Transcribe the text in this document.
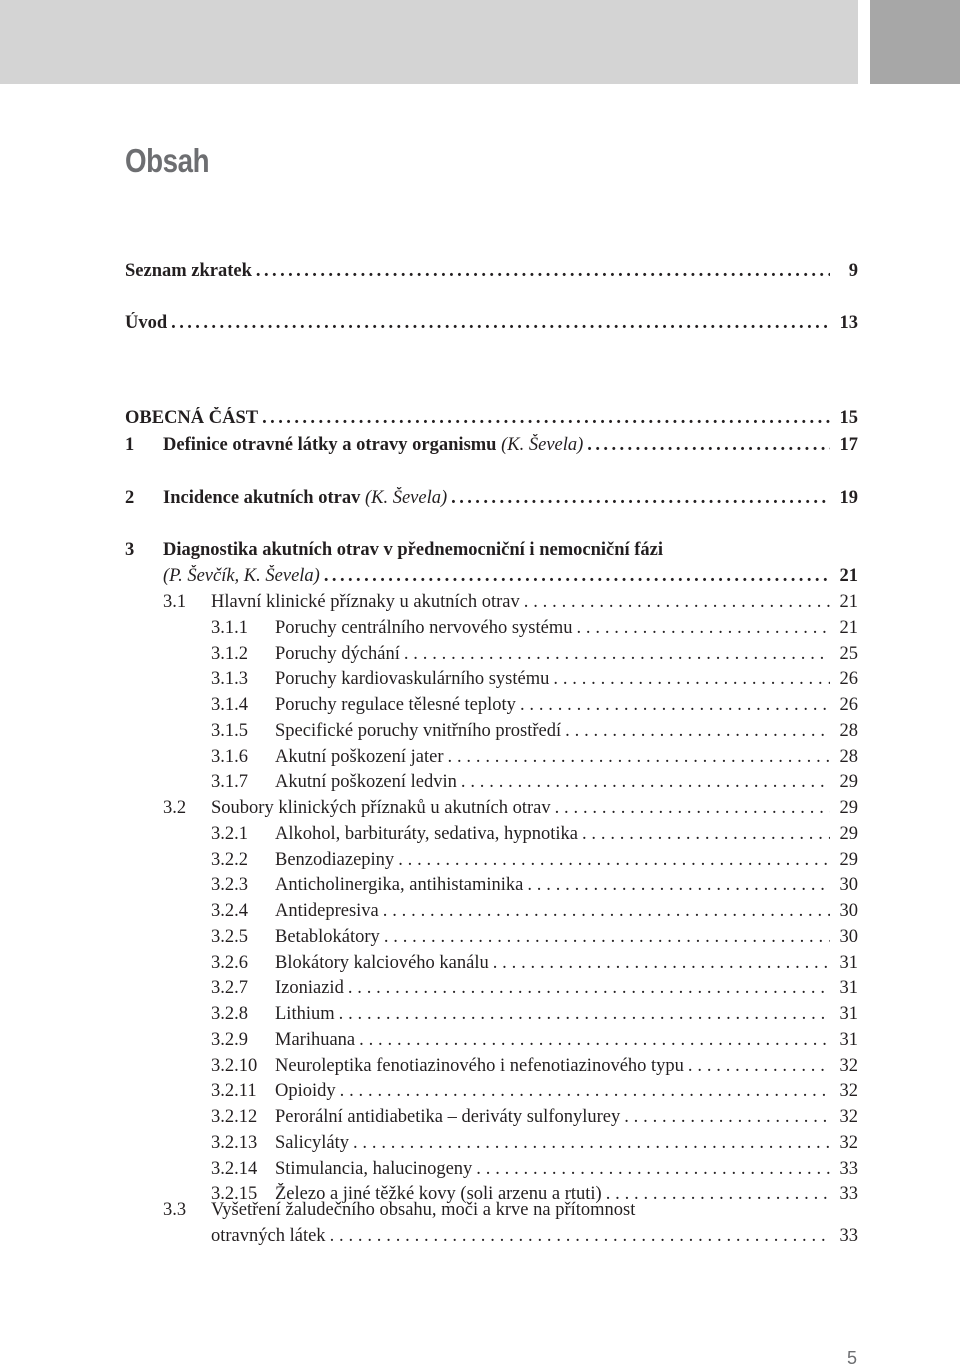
Obsah
Seznam zkratek . . .	9
Úvod . . .	13
OBECNÁ ČÁST . . .	15
1	Definice otravné látky a otravy organismu (K. Ševela) . . .	17
2	Incidence akutních otrav (K. Ševela) . . .	19
3 Diagnostika akutních otrav v přednemocniční i nemocniční fázi
(P. Ševčík, K. Ševela) . . .	21
3.1	Hlavní klinické příznaky u akutních otrav . . .	21
3.1.1	Poruchy centrálního nervového systému . . .	21
3.1.2	Poruchy dýchání . . .	25
3.1.3	Poruchy kardiovaskulárního systému . . .	26
3.1.4	Poruchy regulace tělesné teploty . . .	26
3.1.5	Specifické poruchy vnitřního prostředí . . .	28
3.1.6	Akutní poškození jater . . .	28
3.1.7	Akutní poškození ledvin . . .	29
3.2	Soubory klinických příznaků u akutních otrav . . .	29
3.2.1	Alkohol, barbituráty, sedativa, hypnotika . . .	29
3.2.2	Benzodiazepiny . . .	29
3.2.3	Anticholinergika, antihistaminika . . .	30
3.2.4	Antidepresiva . . .	30
3.2.5	Betablokátory . . .	30
3.2.6	Blokátory kalciového kanálu . . .	31
3.2.7	Izoniazid . . .	31
3.2.8	Lithium . . .	31
3.2.9	Marihuana . . .	31
3.2.10 Neuroleptika fenotiazinového i nefenotiazinového typu . . .	32
3.2.11 Opioidy . . .	32
3.2.12 Perorální antidiabetika – deriváty sulfonylurey . . .	32
3.2.13 Salicyláty . . .	32
3.2.14 Stimulancia, halucinogeny . . .	33
3.2.15 Železo a jiné těžké kovy (soli arzenu a rtuti) . . .	33
3.3 Vyšetření žaludečního obsahu, moči a krve na přítomnost
otravných látek . . .	33
5
